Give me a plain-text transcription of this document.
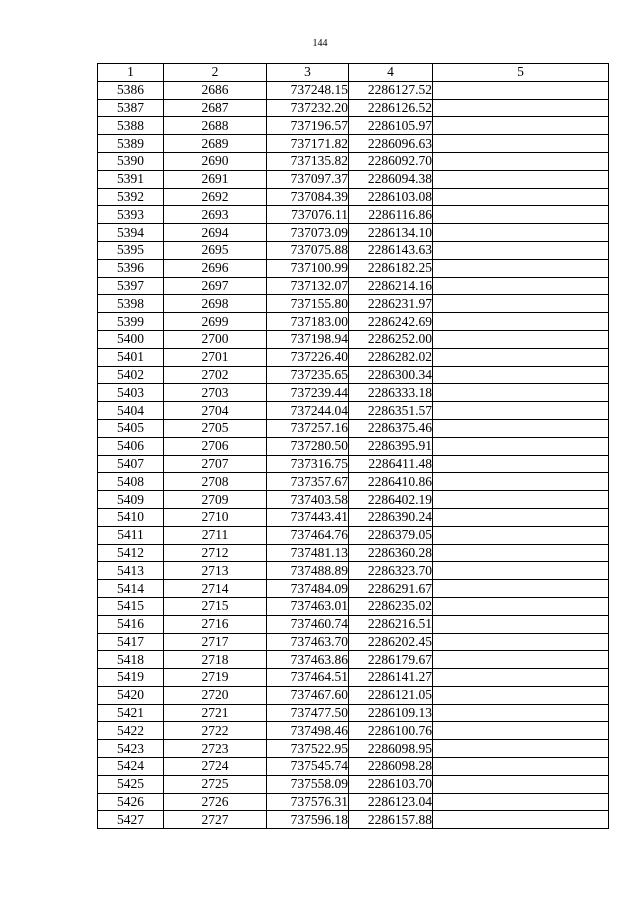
144
1	2	3	4	5
5386	2686	737248.15	2286127.52	
5387	2687	737232.20	2286126.52	
5388	2688	737196.57	2286105.97	
5389	2689	737171.82	2286096.63	
5390	2690	737135.82	2286092.70	
5391	2691	737097.37	2286094.38	
5392	2692	737084.39	2286103.08	
5393	2693	737076.11	2286116.86	
5394	2694	737073.09	2286134.10	
5395	2695	737075.88	2286143.63	
5396	2696	737100.99	2286182.25	
5397	2697	737132.07	2286214.16	
5398	2698	737155.80	2286231.97	
5399	2699	737183.00	2286242.69	
5400	2700	737198.94	2286252.00	
5401	2701	737226.40	2286282.02	
5402	2702	737235.65	2286300.34	
5403	2703	737239.44	2286333.18	
5404	2704	737244.04	2286351.57	
5405	2705	737257.16	2286375.46	
5406	2706	737280.50	2286395.91	
5407	2707	737316.75	2286411.48	
5408	2708	737357.67	2286410.86	
5409	2709	737403.58	2286402.19	
5410	2710	737443.41	2286390.24	
5411	2711	737464.76	2286379.05	
5412	2712	737481.13	2286360.28	
5413	2713	737488.89	2286323.70	
5414	2714	737484.09	2286291.67	
5415	2715	737463.01	2286235.02	
5416	2716	737460.74	2286216.51	
5417	2717	737463.70	2286202.45	
5418	2718	737463.86	2286179.67	
5419	2719	737464.51	2286141.27	
5420	2720	737467.60	2286121.05	
5421	2721	737477.50	2286109.13	
5422	2722	737498.46	2286100.76	
5423	2723	737522.95	2286098.95	
5424	2724	737545.74	2286098.28	
5425	2725	737558.09	2286103.70	
5426	2726	737576.31	2286123.04	
5427	2727	737596.18	2286157.88	
